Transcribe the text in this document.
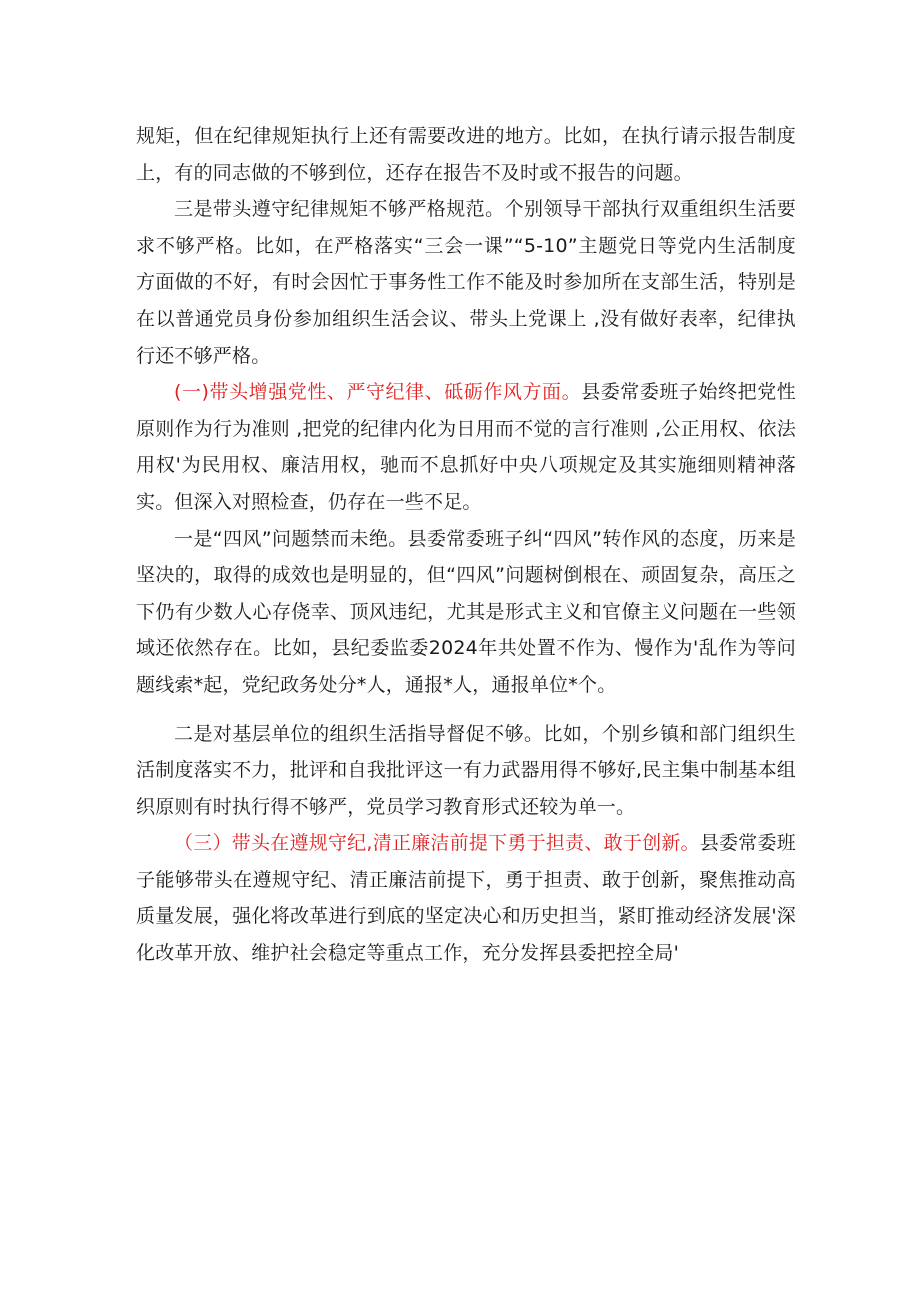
规矩，但在纪律规矩执行上还有需要改进的地方。比如，在执行请示报告制度上，有的同志做的不够到位，还存在报告不及时或不报告的问题。

三是带头遵守纪律规矩不够严格规范。个别领导干部执行双重组织生活要求不够严格。比如，在严格落实“三会一课”“5-10”主题党日等党内生活制度方面做的不好，有时会因忙于事务性工作不能及时参加所在支部生活，特别是在以普通党员身份参加组织生活会议、带头上党课上 ,没有做好表率，纪律执行还不够严格。

(一)带头增强党性、严守纪律、砥砺作风方面。县委常委班子始终把党性原则作为行为准则 ,把党的纪律内化为日用而不觉的言行准则 ,公正用权、依法用权'为民用权、廉洁用权，驰而不息抓好中央八项规定及其实施细则精神落实。但深入对照检查，仍存在一些不足。

一是“四风”问题禁而未绝。县委常委班子纠“四风”转作风的态度，历来是坚决的，取得的成效也是明显的，但“四风”问题树倒根在、顽固复杂，高压之下仍有少数人心存侥幸、顶风违纪，尤其是形式主义和官僚主义问题在一些领域还依然存在。比如，县纪委监委2024年共处置不作为、慢作为'乱作为等问题线索*起，党纪政务处分*人，通报*人，通报单位*个。

二是对基层单位的组织生活指导督促不够。比如，个别乡镇和部门组织生活制度落实不力，批评和自我批评这一有力武器用得不够好,民主集中制基本组织原则有时执行得不够严，党员学习教育形式还较为单一。

（三）带头在遵规守纪,清正廉洁前提下勇于担责、敢于创新。县委常委班子能够带头在遵规守纪、清正廉洁前提下，勇于担责、敢于创新，聚焦推动高质量发展，强化将改革进行到底的坚定决心和历史担当，紧盯推动经济发展'深化改革开放、维护社会稳定等重点工作，充分发挥县委把控全局'
